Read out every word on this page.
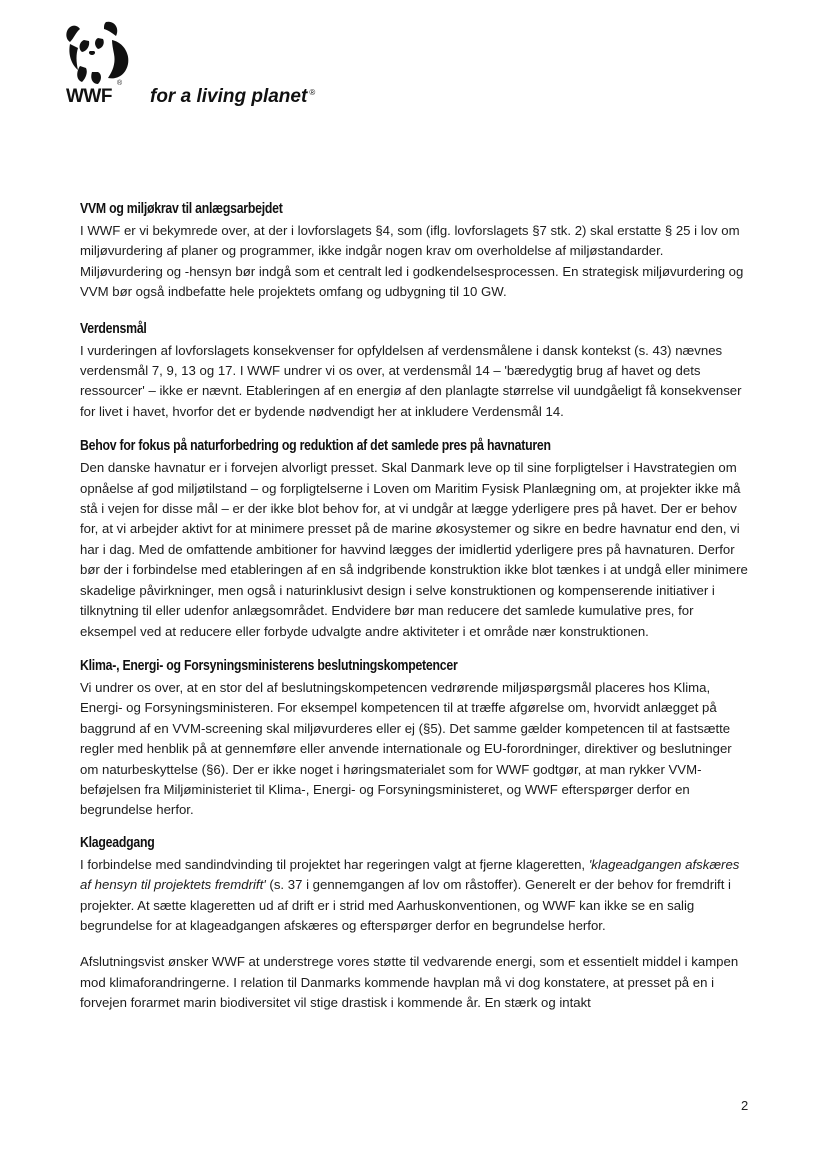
WWF
®
for a living planet ®
VVM og miljøkrav til anlægsarbejdet

I WWF er vi bekymrede over, at der i lovforslagets §4, som (iflg. lovforslagets §7 stk. 2) skal erstatte § 25 i lov om miljøvurdering af planer og programmer, ikke indgår nogen krav om overholdelse af miljøstandarder. Miljøvurdering og -hensyn bør indgå som et centralt led i godkendelsesprocessen. En strategisk miljøvurdering og VVM bør også indbefatte hele projektets omfang og udbygning til 10 GW.

Verdensmål

I vurderingen af lovforslagets konsekvenser for opfyldelsen af verdensmålene i dansk kontekst (s. 43) nævnes verdensmål 7, 9, 13 og 17. I WWF undrer vi os over, at verdensmål 14 – 'bæredygtig brug af havet og dets ressourcer' – ikke er nævnt. Etableringen af en energiø af den planlagte størrelse vil uundgåeligt få konsekvenser for livet i havet, hvorfor det er bydende nødvendigt her at inkludere Verdensmål 14.

Behov for fokus på naturforbedring og reduktion af det samlede pres på havnaturen

Den danske havnatur er i forvejen alvorligt presset. Skal Danmark leve op til sine forpligtelser i Havstrategien om opnåelse af god miljøtilstand – og forpligtelserne i Loven om Maritim Fysisk Planlægning om, at projekter ikke må stå i vejen for disse mål – er der ikke blot behov for, at vi undgår at lægge yderligere pres på havet. Der er behov for, at vi arbejder aktivt for at minimere presset på de marine økosystemer og sikre en bedre havnatur end den, vi har i dag. Med de omfattende ambitioner for havvind lægges der imidlertid yderligere pres på havnaturen. Derfor bør der i forbindelse med etableringen af en så indgribende konstruktion ikke blot tænkes i at undgå eller minimere skadelige påvirkninger, men også i naturinklusivt design i selve konstruktionen og kompenserende initiativer i tilknytning til eller udenfor anlægsområdet. Endvidere bør man reducere det samlede kumulative pres, for eksempel ved at reducere eller forbyde udvalgte andre aktiviteter i et område nær konstruktionen.

Klima-, Energi- og Forsyningsministerens beslutningskompetencer

Vi undrer os over, at en stor del af beslutningskompetencen vedrørende miljøspørgsmål placeres hos Klima, Energi- og Forsyningsministeren. For eksempel kompetencen til at træffe afgørelse om, hvorvidt anlægget på baggrund af en VVM-screening skal miljøvurderes eller ej (§5). Det samme gælder kompetencen til at fastsætte regler med henblik på at gennemføre eller anvende internationale og EU-forordninger, direktiver og beslutninger om naturbeskyttelse (§6). Der er ikke noget i høringsmaterialet som for WWF godtgør, at man rykker VVM-beføjelsen fra Miljøministeriet til Klima-, Energi- og Forsyningsministeret, og WWF efterspørger derfor en begrundelse herfor.

Klageadgang

I forbindelse med sandindvinding til projektet har regeringen valgt at fjerne klageretten, 'klageadgangen afskæres af hensyn til projektets fremdrift' (s. 37 i gennemgangen af lov om råstoffer). Generelt er der behov for fremdrift i projekter. At sætte klageretten ud af drift er i strid med Aarhuskonventionen, og WWF kan ikke se en salig begrundelse for at klageadgangen afskæres og efterspørger derfor en begrundelse herfor.

Afslutningsvist ønsker WWF at understrege vores støtte til vedvarende energi, som et essentielt middel i kampen mod klimaforandringerne. I relation til Danmarks kommende havplan må vi dog konstatere, at presset på en i forvejen forarmet marin biodiversitet vil stige drastisk i kommende år. En stærk og intakt

2
